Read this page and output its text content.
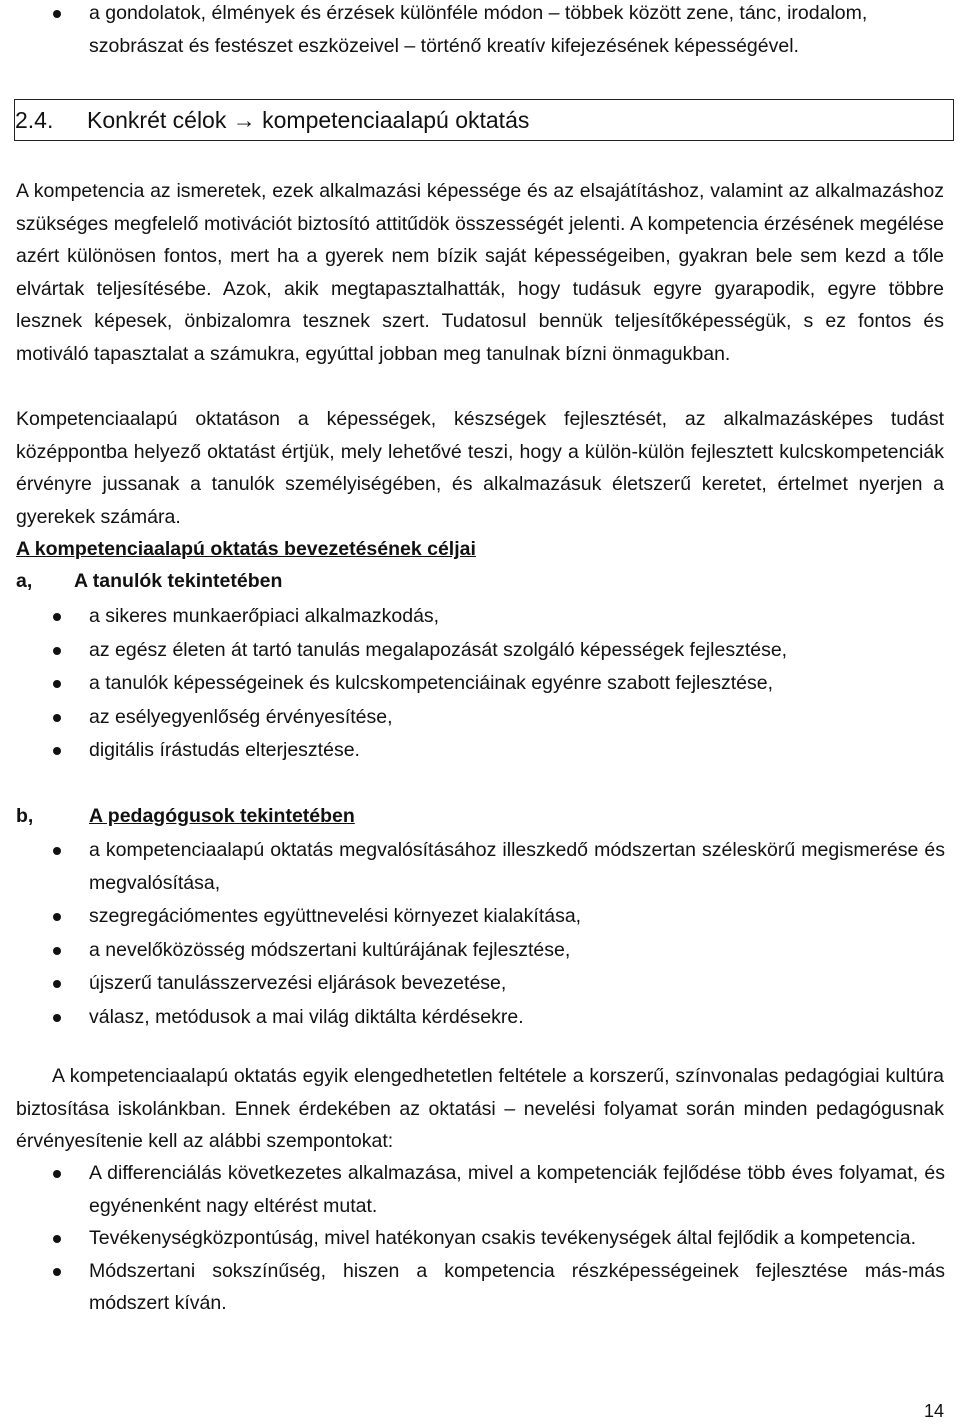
a gondolatok, élmények és érzések különféle módon – többek között zene, tánc, irodalom,
szobrászat és festészet eszközeivel – történő kreatív kifejezésének képességével.
2.4. Konkrét célok → kompetenciaalapú oktatás

A kompetencia az ismeretek, ezek alkalmazási képessége és az elsajátításhoz, valamint az alkalmazáshoz szükséges megfelelő motivációt biztosító attitűdök összességét jelenti. A kompetencia érzésének megélése azért különösen fontos, mert ha a gyerek nem bízik saját képességeiben, gyakran bele sem kezd a tőle elvártak teljesítésébe. Azok, akik megtapasztalhatták, hogy tudásuk egyre gyarapodik, egyre többre lesznek képesek, önbizalomra tesznek szert. Tudatosul bennük teljesítőképességük, s ez fontos és motiváló tapasztalat a számukra, egyúttal jobban meg tanulnak bízni önmagukban.

Kompetenciaalapú oktatáson a képességek, készségek fejlesztését, az alkalmazásképes tudást középpontba helyező oktatást értjük, mely lehetővé teszi, hogy a külön-külön fejlesztett kulcskompetenciák érvényre jussanak a tanulók személyiségében, és alkalmazásuk életszerű keretet, értelmet nyerjen a gyerekek számára.

A kompetenciaalapú oktatás bevezetésének céljai
a, A tanulók tekintetében
a sikeres munkaerőpiaci alkalmazkodás,
az egész életen át tartó tanulás megalapozását szolgáló képességek fejlesztése,
a tanulók képességeinek és kulcskompetenciáinak egyénre szabott fejlesztése,
az esélyegyenlőség érvényesítése,
digitális írástudás elterjesztése.
b,	A pedagógusok tekintetében
a kompetenciaalapú oktatás megvalósításához illeszkedő módszertan széleskörű megismerése és megvalósítása,
szegregációmentes együttnevelési környezet kialakítása,
a nevelőközösség módszertani kultúrájának fejlesztése,
újszerű tanulásszervezési eljárások bevezetése,
válasz, metódusok a mai világ diktálta kérdésekre.

A kompetenciaalapú oktatás egyik elengedhetetlen feltétele a korszerű, színvonalas pedagógiai kultúra biztosítása iskolánkban. Ennek érdekében az oktatási – nevelési folyamat során minden pedagógusnak érvényesítenie kell az alábbi szempontokat:

A differenciálás következetes alkalmazása, mivel a kompetenciák fejlődése több éves folyamat, és egyénenként nagy eltérést mutat.
Tevékenységközpontúság, mivel hatékonyan csakis tevékenységek által fejlődik a kompetencia.
Módszertani sokszínűség, hiszen a kompetencia részképességeinek fejlesztése más-más módszert kíván.
14
